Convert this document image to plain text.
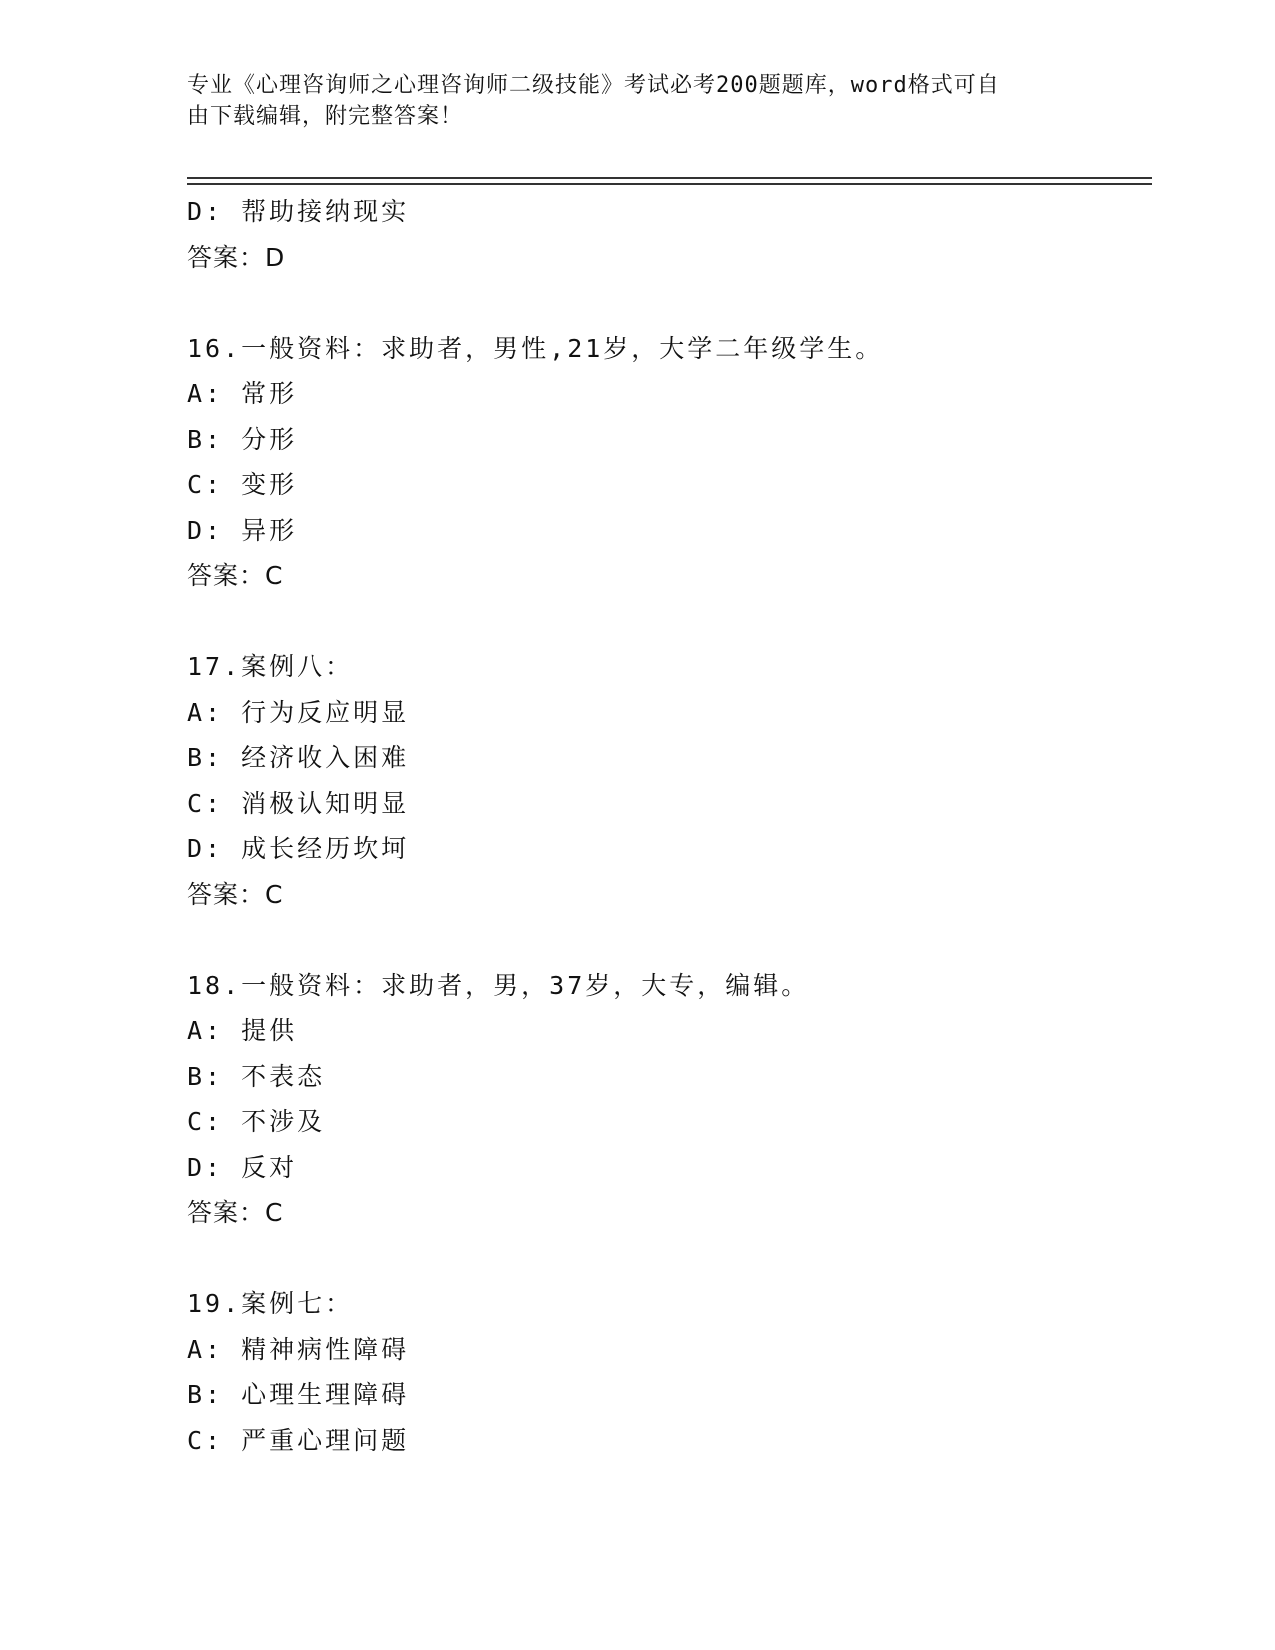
专业《心理咨询师之心理咨询师二级技能》考试必考200题题库，word格式可自
由下载编辑，附完整答案！
D: 帮助接纳现实
答案：D
16.一般资料：求助者，男性,21岁，大学二年级学生。
A: 常形
B: 分形
C: 变形
D: 异形
答案：C
17.案例八：
A: 行为反应明显
B: 经济收入困难
C: 消极认知明显
D: 成长经历坎坷
答案：C
18.一般资料：求助者，男，37岁，大专，编辑。
A: 提供
B: 不表态
C: 不涉及
D: 反对
答案：C
19.案例七：
A: 精神病性障碍
B: 心理生理障碍
C: 严重心理问题
